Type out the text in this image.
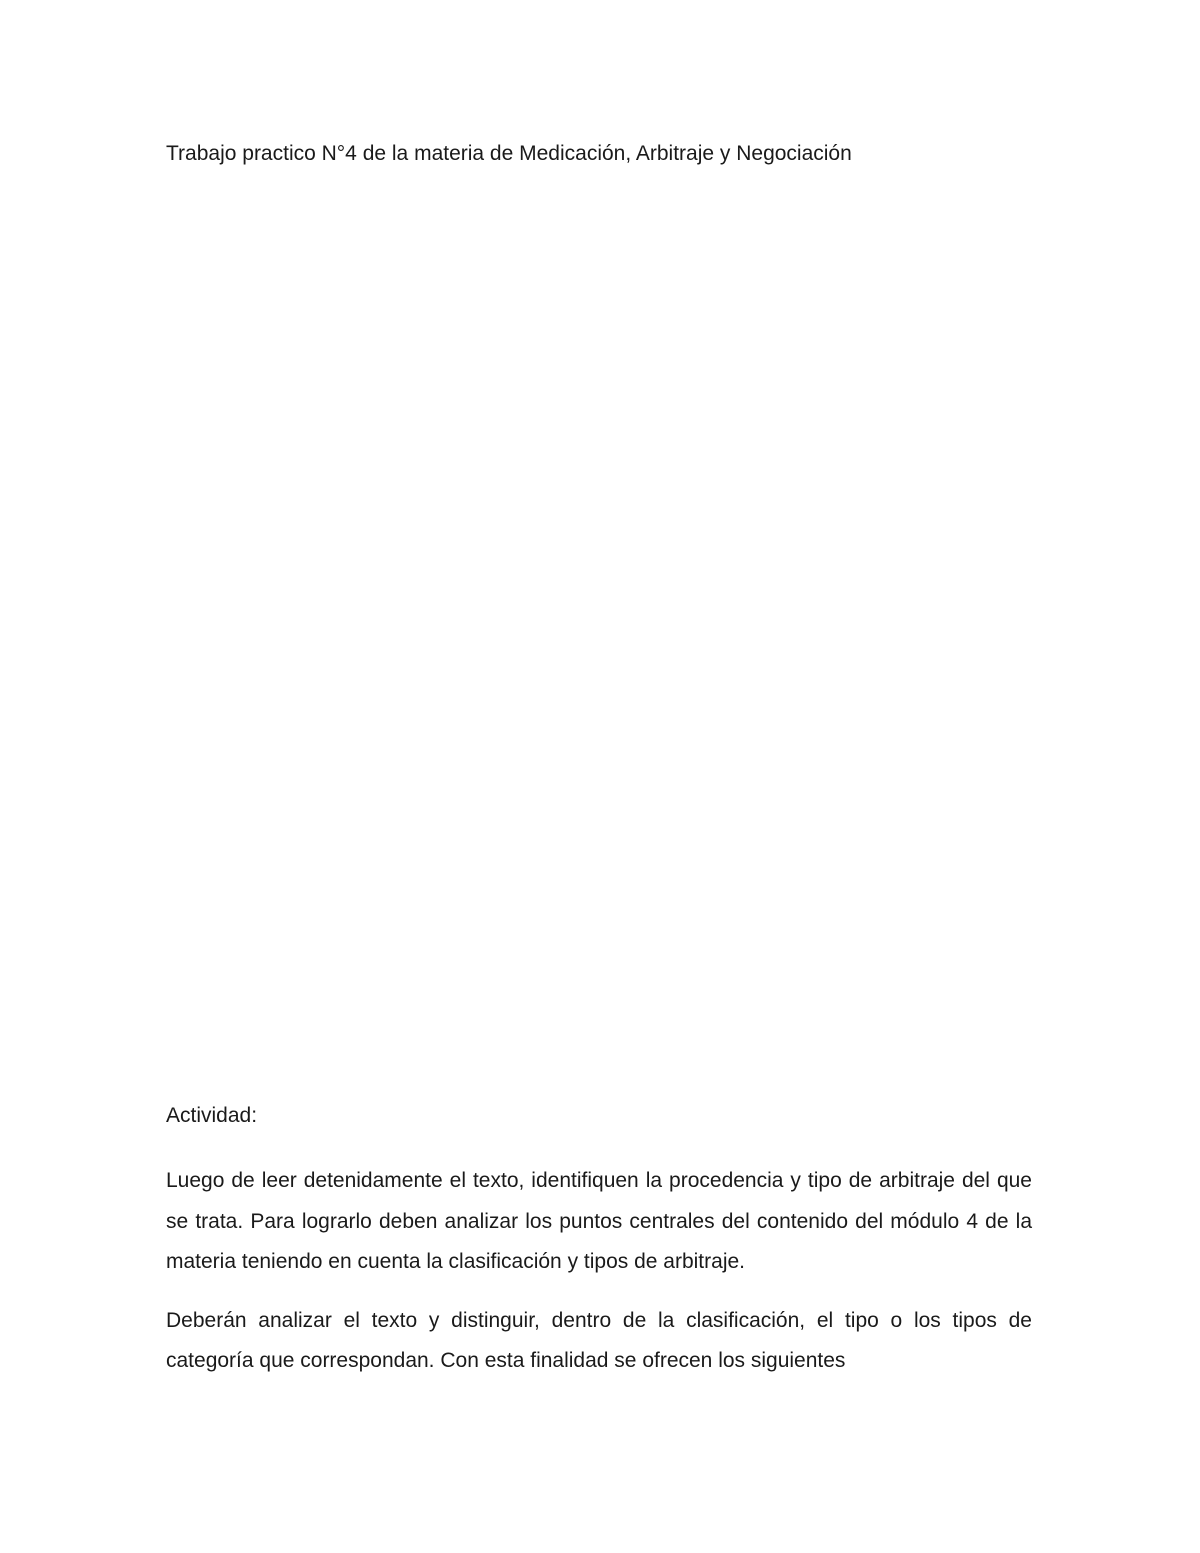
Trabajo practico N°4 de la materia de Medicación, Arbitraje y Negociación
Actividad:

Luego de leer detenidamente el texto, identifiquen la procedencia y tipo de arbitraje del que se trata. Para lograrlo deben analizar los puntos centrales del contenido del módulo 4 de la materia teniendo en cuenta la clasificación y tipos de arbitraje.

Deberán analizar el texto y distinguir, dentro de la clasificación, el tipo o los tipos de categoría que correspondan. Con esta finalidad se ofrecen los siguientes
